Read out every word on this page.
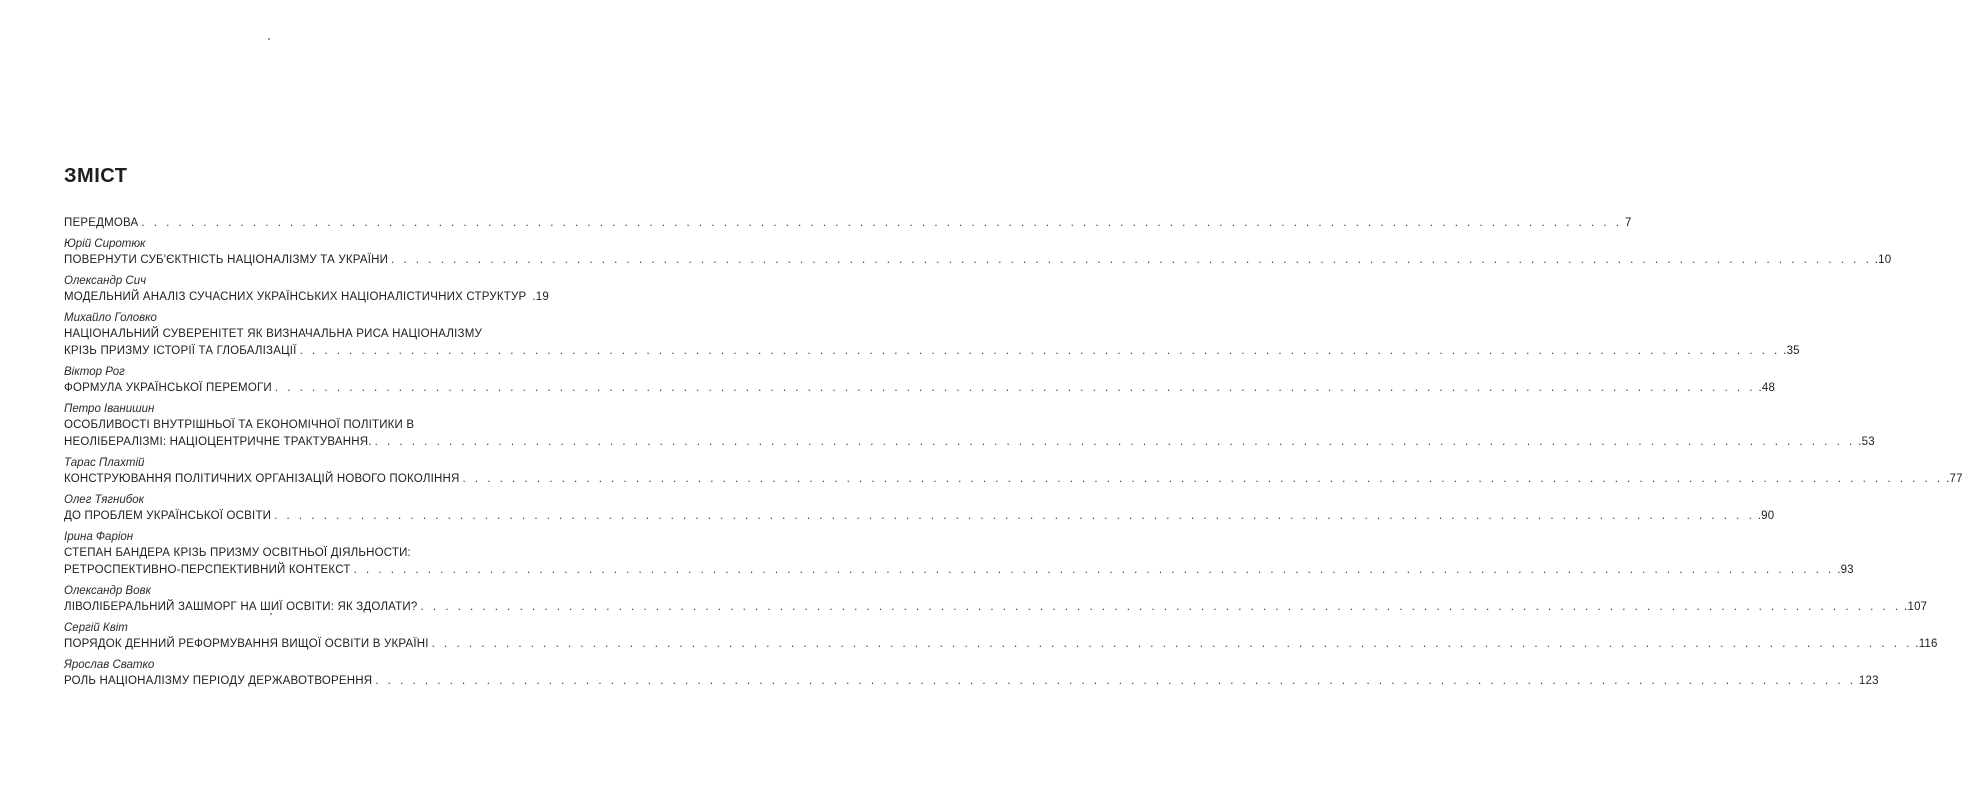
ЗМІСТ
ПЕРЕДМОВА . . . . . . . . . . . . . . . . . . . . . . . . . . . . . . . . . . . . . . . . . . . . . . . . . . . . . . . . . . . . . . . . . . . . . . . . . . . . . . . . . . . . . . . . . . . . . . . . . . . . . . . . . . . . . . . . . . . . . . . . 7
Юрій Сиротюк
ПОВЕРНУТИ СУБ'ЄКТНІСТЬ НАЦІОНАЛІЗМУ ТА УКРАЇНИ . . . . . . . . . . . . . . . . . . . . . . . . . . . . . . . . . . . . . . . . . . . . . . . . . . . . . . . . . . . . . . . . . . . . . . . . . . . . . . . . . . . . . . . . . . . . . . . . . . . . . . . . . . . . . . . . . . . . . . . . .10
Олександр Сич
МОДЕЛЬНИЙ АНАЛІЗ СУЧАСНИХ УКРАЇНСЬКИХ НАЦІОНАЛІСТИЧНИХ СТРУКТУР .19
Михайло Головко
НАЦІОНАЛЬНИЙ СУВЕРЕНІТЕТ ЯК ВИЗНАЧАЛЬНА РИСА НАЦІОНАЛІЗМУ
КРІЗЬ ПРИЗМУ ІСТОРІЇ ТА ГЛОБАЛІЗАЦІЇ . . . . . . . . . . . . . . . . . . . . . . . . . . . . . . . . . . . . . . . . . . . . . . . . . . . . . . . . . . . . . . . . . . . . . . . . . . . . . . . . . . . . . . . . . . . . . . . . . . . . . . . . . . . . . . . . . . . . . . . . .35
Віктор Рог
ФОРМУЛА УКРАЇНСЬКОЇ ПЕРЕМОГИ . . . . . . . . . . . . . . . . . . . . . . . . . . . . . . . . . . . . . . . . . . . . . . . . . . . . . . . . . . . . . . . . . . . . . . . . . . . . . . . . . . . . . . . . . . . . . . . . . . . . . . . . . . . . . . . . . . . . . . . . .48
Петро Іванишин
ОСОБЛИВОСТІ ВНУТРІШНЬОЇ ТА ЕКОНОМІЧНОЇ ПОЛІТИКИ В
НЕОЛІБЕРАЛІЗМІ: НАЦІОЦЕНТРИЧНЕ ТРАКТУВАННЯ. . . . . . . . . . . . . . . . . . . . . . . . . . . . . . . . . . . . . . . . . . . . . . . . . . . . . . . . . . . . . . . . . . . . . . . . . . . . . . . . . . . . . . . . . . . . . . . . . . . . . . . . . . . . . . . . . . . . . . . . . .53
Тарас Плахтій
КОНСТРУЮВАННЯ ПОЛІТИЧНИХ ОРГАНІЗАЦІЙ НОВОГО ПОКОЛІННЯ . . . . . . . . . . . . . . . . . . . . . . . . . . . . . . . . . . . . . . . . . . . . . . . . . . . . . . . . . . . . . . . . . . . . . . . . . . . . . . . . . . . . . . . . . . . . . . . . . . . . . . . . . . . . . . . . . . . . . . . . .77
Олег Тягнибок
ДО ПРОБЛЕМ УКРАЇНСЬКОЇ ОСВІТИ . . . . . . . . . . . . . . . . . . . . . . . . . . . . . . . . . . . . . . . . . . . . . . . . . . . . . . . . . . . . . . . . . . . . . . . . . . . . . . . . . . . . . . . . . . . . . . . . . . . . . . . . . . . . . . . . . . . . . . . . .90
Ірина Фаріон
СТЕПАН БАНДЕРА КРІЗЬ ПРИЗМУ ОСВІТНЬОЇ ДІЯЛЬНОСТИ:
РЕТРОСПЕКТИВНО-ПЕРСПЕКТИВНИЙ КОНТЕКСТ . . . . . . . . . . . . . . . . . . . . . . . . . . . . . . . . . . . . . . . . . . . . . . . . . . . . . . . . . . . . . . . . . . . . . . . . . . . . . . . . . . . . . . . . . . . . . . . . . . . . . . . . . . . . . . . . . . . . . . . . .93
Олександр Вовк
ЛІВОЛІБЕРАЛЬНИЙ ЗАШМОРГ НА ШИЇ ОСВІТИ: ЯК ЗДОЛАТИ? . . . . . . . . . . . . . . . . . . . . . . . . . . . . . . . . . . . . . . . . . . . . . . . . . . . . . . . . . . . . . . . . . . . . . . . . . . . . . . . . . . . . . . . . . . . . . . . . . . . . . . . . . . . . . . . . . . . . . . . . .107
Сергій Квіт
ПОРЯДОК ДЕННИЙ РЕФОРМУВАННЯ ВИЩОЇ ОСВІТИ В УКРАЇНІ . . . . . . . . . . . . . . . . . . . . . . . . . . . . . . . . . . . . . . . . . . . . . . . . . . . . . . . . . . . . . . . . . . . . . . . . . . . . . . . . . . . . . . . . . . . . . . . . . . . . . . . . . . . . . . . . . . . . . . . . .116
Ярослав Сватко
РОЛЬ НАЦІОНАЛІЗМУ ПЕРІОДУ ДЕРЖАВОТВОРЕННЯ . . . . . . . . . . . . . . . . . . . . . . . . . . . . . . . . . . . . . . . . . . . . . . . . . . . . . . . . . . . . . . . . . . . . . . . . . . . . . . . . . . . . . . . . . . . . . . . . . . . . . . . . . . . . . . . . . . . . . . . . 123
